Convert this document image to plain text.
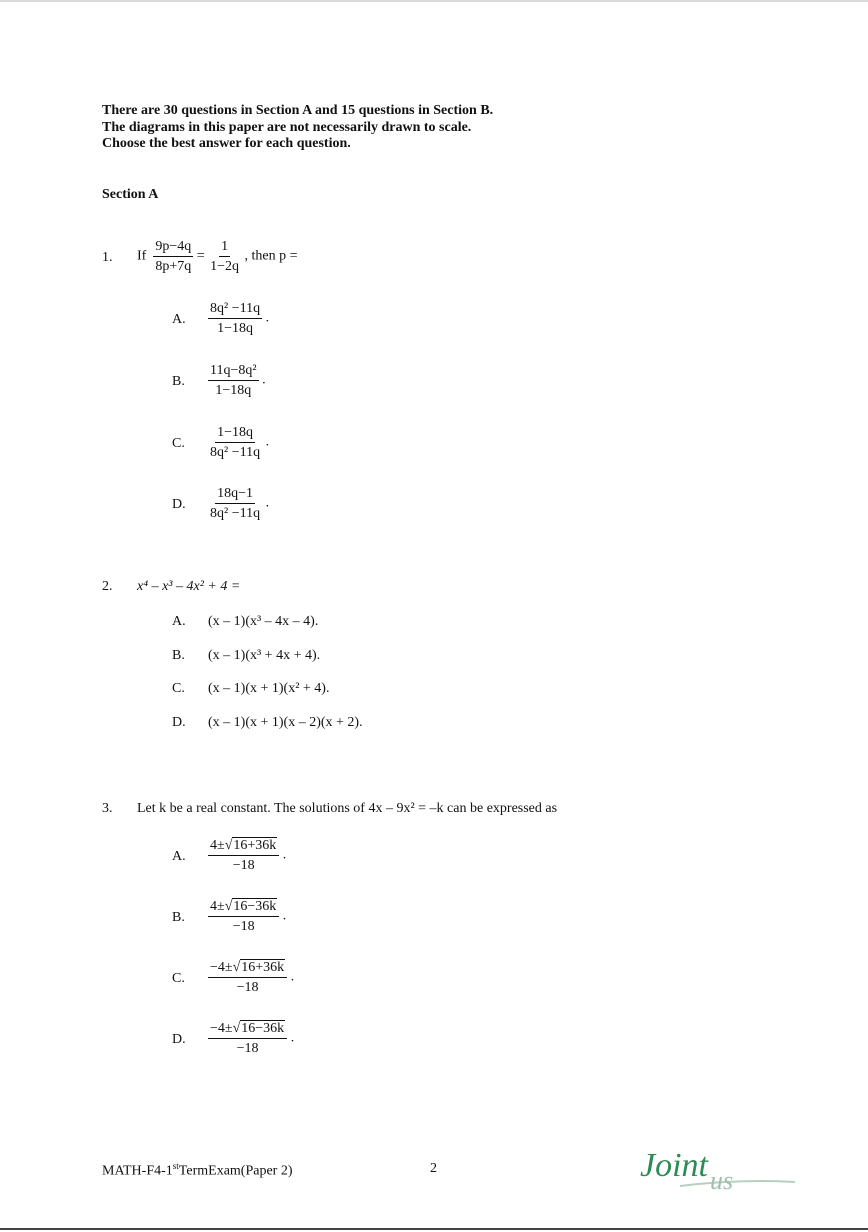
There are 30 questions in Section A and 15 questions in Section B.
The diagrams in this paper are not necessarily drawn to scale.
Choose the best answer for each question.
Section A
1. If $\frac{9p-4q}{8p+7q} = \frac{1}{1-2q}$ , then p =
A. $\frac{\text{8q² −11q}}{1-18q}$ .
B. $\frac{\text{11q−8q²}}{1-18q}$ .
C. $\frac{1-18q}{\text{8q² −11q}}$ .
D. $\frac{18q-1}{\text{8q² −11q}}$ .
2. x⁴ – x³ – 4x² + 4 =
A. (x – 1)(x³ – 4x – 4).
B. (x – 1)(x³ + 4x + 4).
C. (x – 1)(x + 1)(x² + 4).
D. (x – 1)(x + 1)(x – 2)(x + 2).
3. Let k be a real constant. The solutions of 4x – 9x² = –k can be expressed as
A. $\frac{4\pm√16+36k}{-18}$ .
B. $\frac{4\pm√16-36k}{-18}$ .
C. $\frac{-4\pm√16+36k}{-18}$ .
D. $\frac{-4\pm√16-36k}{-18}$ .
MATH-F4-1stTermExam(Paper 2)	2	Joint us
